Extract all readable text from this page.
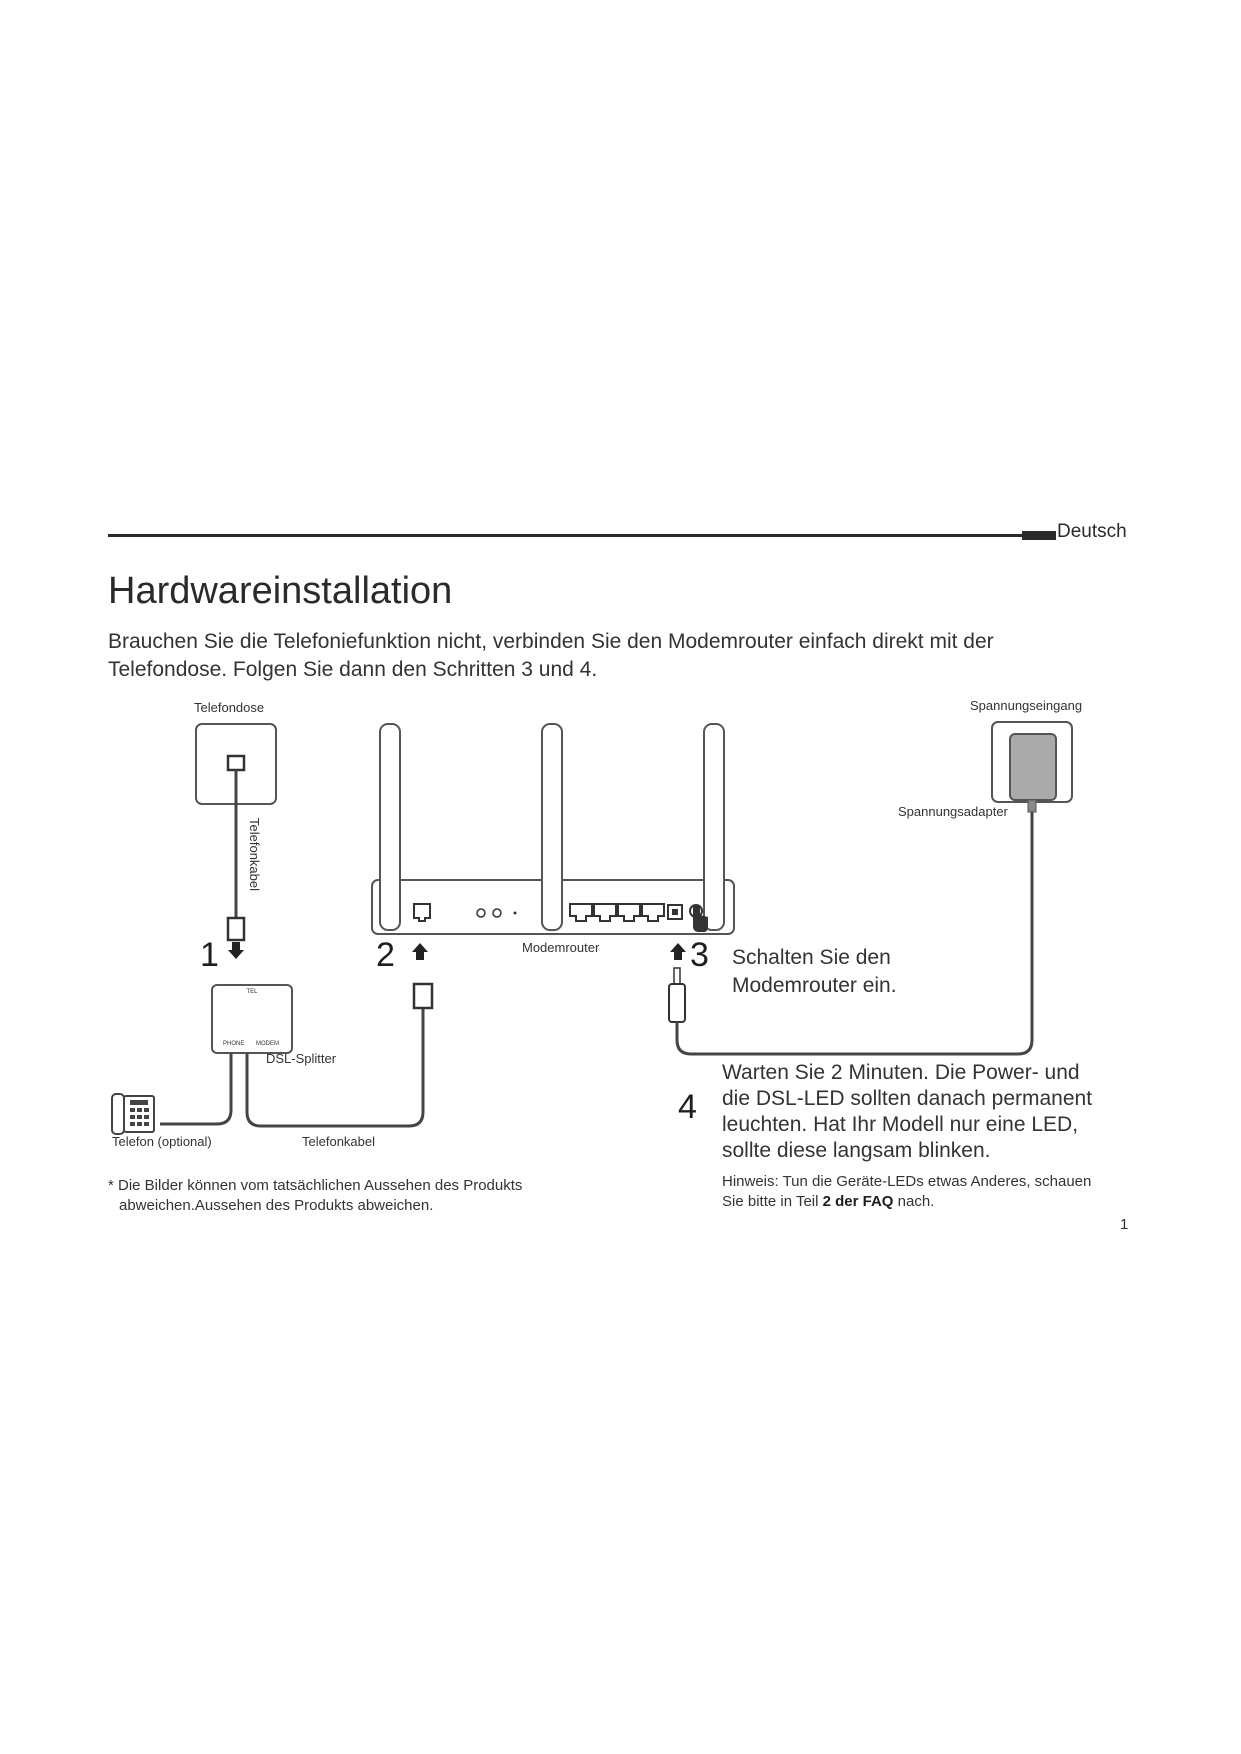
Deutsch
Hardwareinstallation

Brauchen Sie die Telefoniefunktion nicht, verbinden Sie den Modemrouter einfach direkt mit der
Telefondose. Folgen Sie dann den Schritten 3 und 4.

Telefondose
Telefonkabel
1
TEL
PHONE MODEM
DSL-Splitter
Telefon (optional)	Telefonkabel
2	Modemrouter	3
Spannungseingang
Spannungsadapter
4
Schalten Sie den
Modemrouter ein.
Warten Sie 2 Minuten. Die Power- und
die DSL-LED sollten danach permanent
leuchten. Hat Ihr Modell nur eine LED,
sollte diese langsam blinken.
Hinweis: Tun die Geräte-LEDs etwas Anderes, schauen
Sie bitte in Teil 2 der FAQ nach.
* Die Bilder können vom tatsächlichen Aussehen des Produkts
abweichen.Aussehen des Produkts abweichen.
1
